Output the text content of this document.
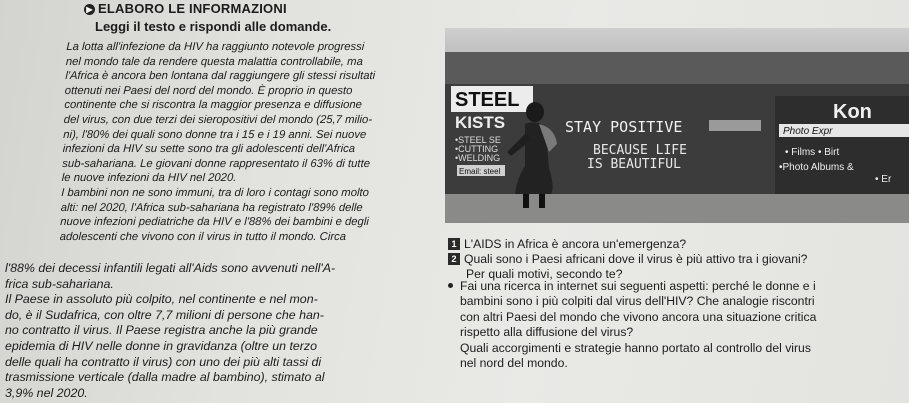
▶ ELABORO LE INFORMAZIONI
Leggi il testo e rispondi alle domande.

La lotta all'infezione da HIV ha raggiunto notevole progressi

nel mondo tale da rendere questa malattia controllabile, ma

l'Africa è ancora ben lontana dal raggiungere gli stessi risultati

ottenuti nei Paesi del nord del mondo. È proprio in questo

continente che si riscontra la maggior presenza e diffusione

del virus, con due terzi dei sieropositivi del mondo (25,7 milio-

ni), l'80% dei quali sono donne tra i 15 e i 19 anni. Sei nuove

infezioni da HIV su sette sono tra gli adolescenti dell'Africa

sub-sahariana. Le giovani donne rappresentato il 63% di tutte

le nuove infezioni da HIV nel 2020.

I bambini non ne sono immuni, tra di loro i contagi sono molto

alti: nel 2020, l'Africa sub-sahariana ha registrato l'89% delle

nuove infezioni pediatriche da HIV e l'88% dei bambini e degli

adolescenti che vivono con il virus in tutto il mondo. Circa

l'88% dei decessi infantili legati all'Aids sono avvenuti nell'A-

frica sub-sahariana.

Il Paese in assoluto più colpito, nel continente e nel mon-

do, è il Sudafrica, con oltre 7,7 milioni di persone che han-

no contratto il virus. Il Paese registra anche la più grande

epidemia di HIV nelle donne in gravidanza (oltre un terzo

delle quali ha contratto il virus) con uno dei più alti tassi di

trasmissione verticale (dalla madre al bambino), stimato al

3,9% nel 2020.

STEEL
KISTS
•STEEL SE
•CUTTING
•WELDING
Email: steel
STAY POSITIVE
BECAUSE LIFE
IS BEAUTIFUL
Kon
Photo Expr
• Films • Birt
•Photo Albums &
• Er
1 L'AIDS in Africa è ancora un'emergenza?
2 Quali sono i Paesi africani dove il virus è più attivo tra i giovani?
Per quali motivi, secondo te?
Fai una ricerca in internet sui seguenti aspetti: perché le donne e i
bambini sono i più colpiti dal virus dell'HIV? Che analogie riscontri
con altri Paesi del mondo che vivono ancora una situazione critica
rispetto alla diffusione del virus?
Quali accorgimenti e strategie hanno portato al controllo del virus
nel nord del mondo.
